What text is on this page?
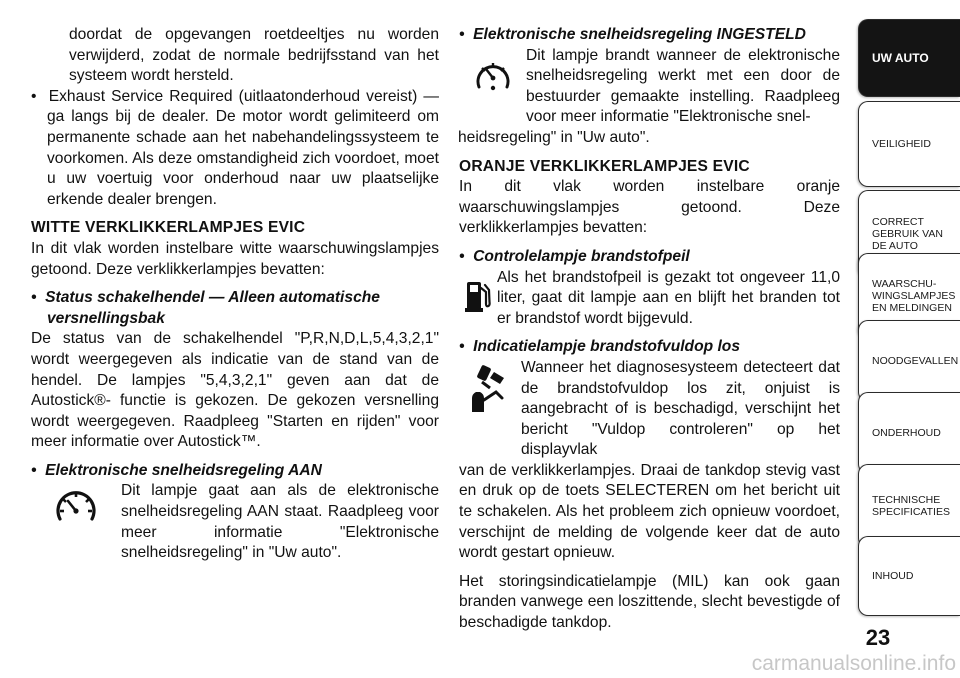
doordat de opgevangen roetdeeltjes nu worden verwijderd, zodat de normale bedrijfsstand van het systeem wordt hersteld.

• Exhaust Service Required (uitlaatonderhoud vereist) — ga langs bij de dealer. De motor wordt gelimiteerd om permanente schade aan het nabehandelingssysteem te voorkomen. Als deze omstandigheid zich voordoet, moet u uw voertuig voor onderhoud naar uw plaatselijke erkende dealer brengen.

WITTE VERKLIKKERLAMPJES EVIC

In dit vlak worden instelbare witte waarschuwingslampjes getoond. Deze verklikkerlampjes bevatten:

• Status schakelhendel — Alleen automatische

versnellingsbak

De status van de schakelhendel "P,R,N,D,L,5,4,3,2,1" wordt weergegeven als indicatie van de stand van de hendel. De lampjes "5,4,3,2,1" geven aan dat de Autostick®- functie is gekozen. De gekozen versnelling wordt weergegeven. Raadpleeg "Starten en rijden" voor meer informatie over Autostick™.

• Elektronische snelheidsregeling AAN

Dit lampje gaat aan als de elektronische snelheidsregeling AAN staat. Raadpleeg voor meer informatie "Elektronische snelheidsregeling" in "Uw auto".

• Elektronische snelheidsregeling INGESTELD

Dit lampje brandt wanneer de elektronische snelheidsregeling werkt met een door de bestuurder gemaakte instelling. Raadpleeg voor meer informatie "Elektronische snel-

heidsregeling" in "Uw auto".

ORANJE VERKLIKKERLAMPJES EVIC

In dit vlak worden instelbare oranje waarschuwingslampjes getoond. Deze verklikkerlampjes bevatten:

• Controlelampje brandstofpeil

Als het brandstofpeil is gezakt tot ongeveer 11,0 liter, gaat dit lampje aan en blijft het branden tot er brandstof wordt bijgevuld.

• Indicatielampje brandstofvuldop los

Wanneer het diagnosesysteem detecteert dat de brandstofvuldop los zit, onjuist is aangebracht of is beschadigd, verschijnt het bericht "Vuldop controleren" op het displayvlak

van de verklikkerlampjes. Draai de tankdop stevig vast en druk op de toets SELECTEREN om het bericht uit te schakelen. Als het probleem zich opnieuw voordoet, verschijnt de melding de volgende keer dat de auto wordt gestart opnieuw.

Het storingsindicatielampje (MIL) kan ook gaan branden vanwege een loszittende, slecht bevestigde of beschadigde tankdop.

UW AUTO
VEILIGHEID
CORRECT
GEBRUIK VAN
DE AUTO
WAARSCHU-
WINGSLAMPJES
EN MELDINGEN
NOODGEVALLEN
ONDERHOUD
TECHNISCHE
SPECIFICATIES
INHOUD
23
carmanualsonline.info
